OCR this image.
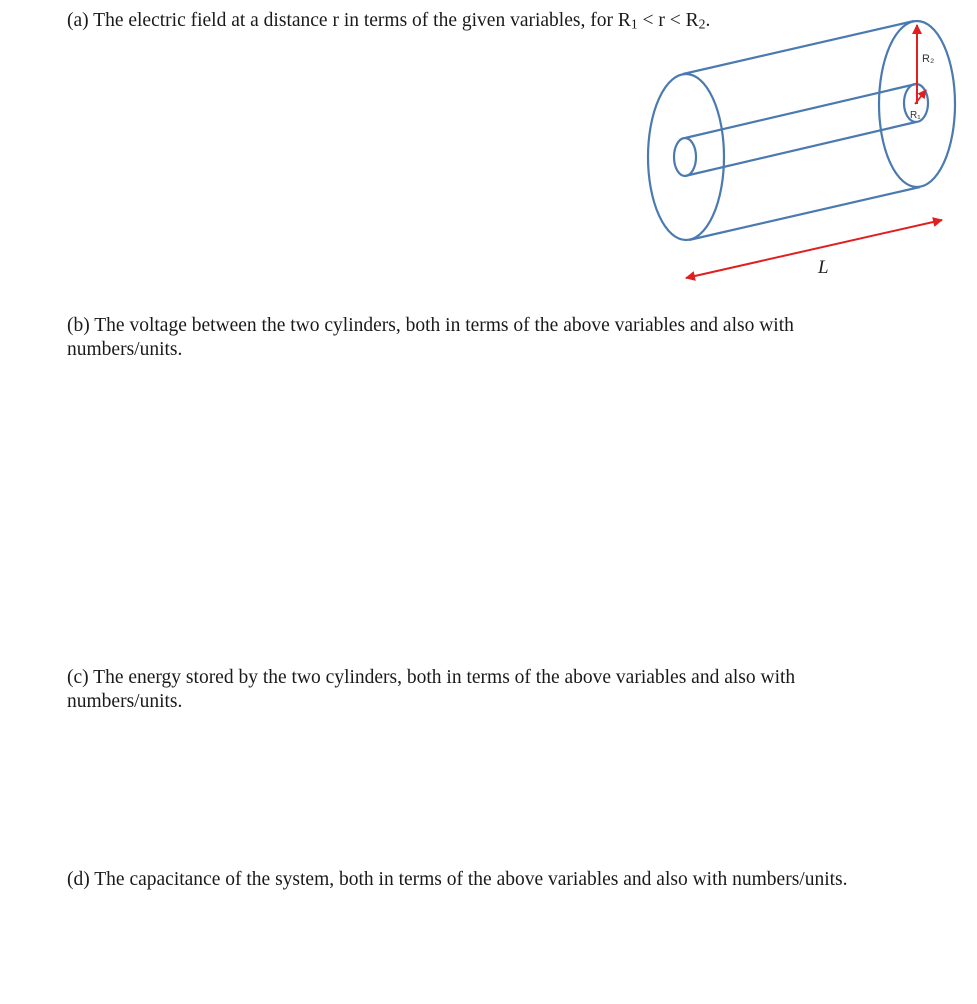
(a) The electric field at a distance r in terms of the given variables, for $R_1 < r < R_2$.

R₂
R₁
L

(b) The voltage between the two cylinders, both in terms of the above variables and also with numbers/units.

(c) The energy stored by the two cylinders, both in terms of the above variables and also with numbers/units.

(d) The capacitance of the system, both in terms of the above variables and also with numbers/units.
